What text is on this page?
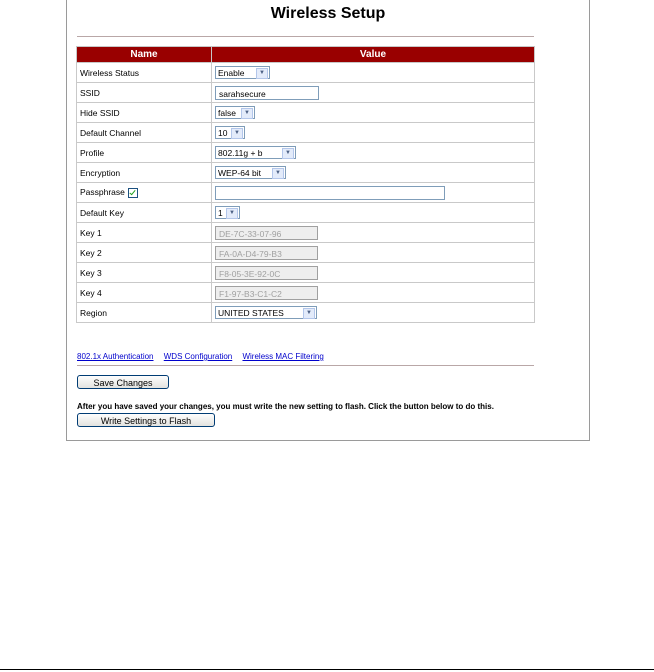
Wireless Setup
Name	Value
Wireless Status	Enable ▼

SSID	sarahsecure
Hide SSID	false ▼

Default Channel	10 ▼

Profile	802.11g + b ▼

Encryption	WEP-64 bit ▼

Passphrase	
Default Key	1 ▼

Key 1	DE-7C-33-07-96
Key 2	FA-0A-D4-79-B3
Key 3	F8-05-3E-92-0C
Key 4	F1-97-B3-C1-C2
Region	UNITED STATES ▼
802.1x Authentication WDS Configuration Wireless MAC Filtering
Save Changes
After you have saved your changes, you must write the new setting to flash. Click the button below to do this.
Write Settings to Flash
